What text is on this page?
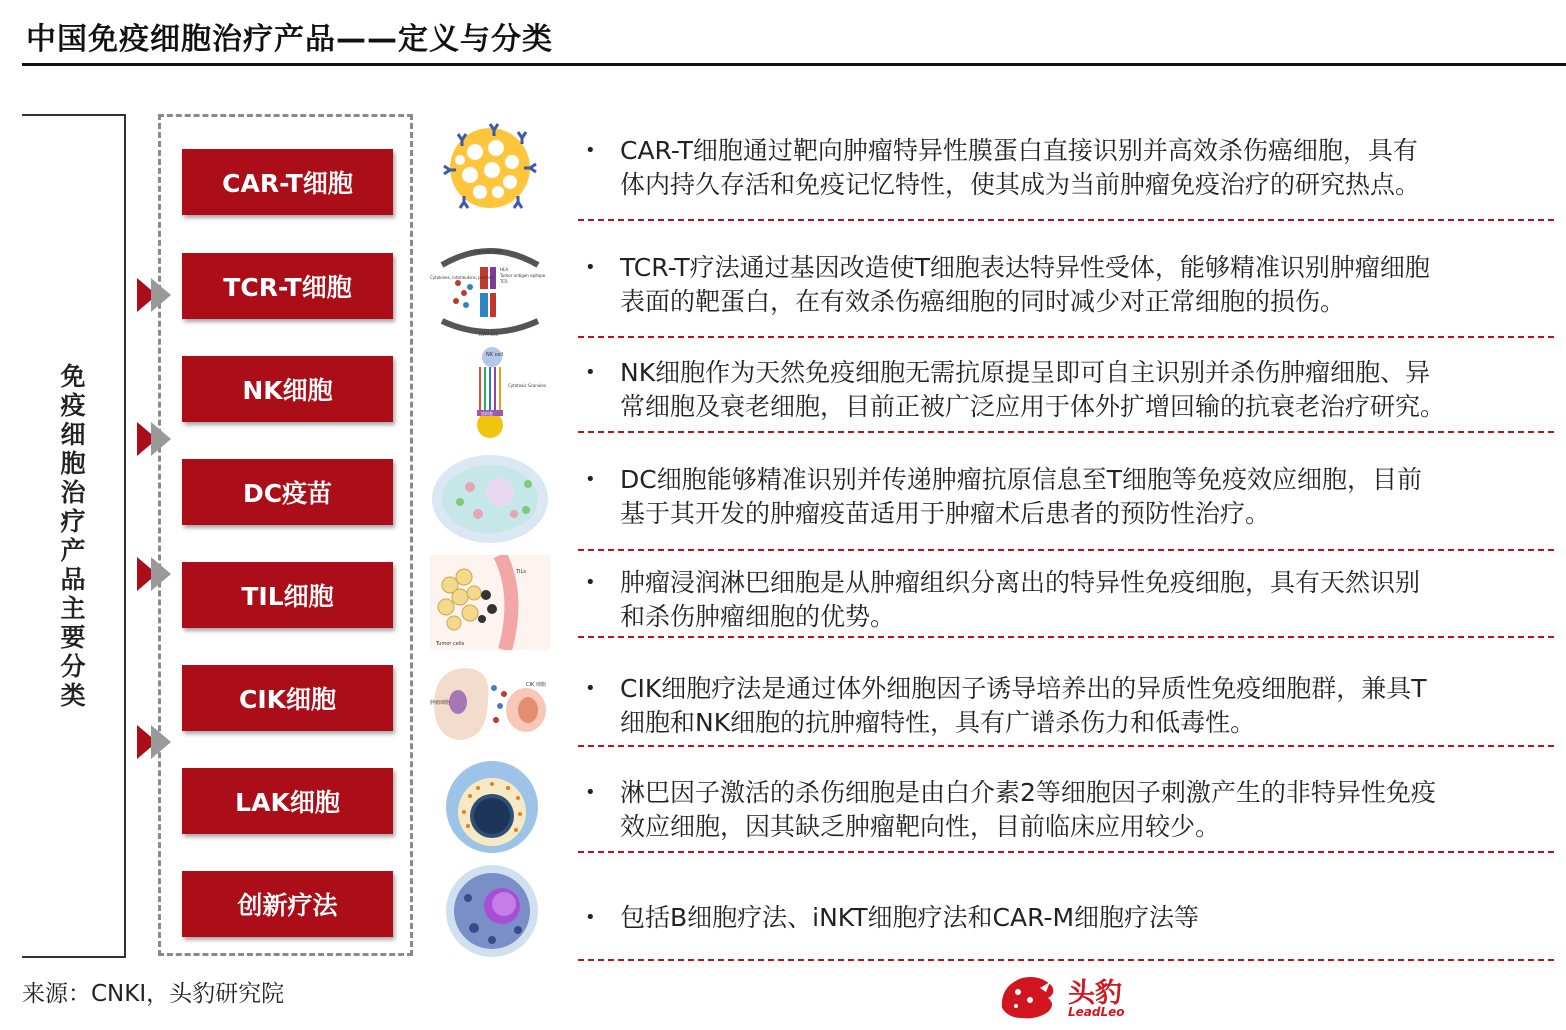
中国免疫细胞治疗产品——定义与分类
免疫细胞治疗产品主要分类
CAR-T细胞
TCR-T细胞
NK细胞
DC疫苗
TIL细胞
CIK细胞
LAK细胞
创新疗法
Cancer cell
Cytokines, interleukins, perforin
HLA
Tumor antigen epitope
TCR
TCR-T Cell
NK cell
Cytotoxic Granules
癌细胞
TILs
Tumor cells
肿瘤细胞
CIK 细胞
• CAR-T细胞通过靶向肿瘤特异性膜蛋白直接识别并高效杀伤癌细胞，具有
体内持久存活和免疫记忆特性，使其成为当前肿瘤免疫治疗的研究热点。
• TCR-T疗法通过基因改造使T细胞表达特异性受体，能够精准识别肿瘤细胞
表面的靶蛋白，在有效杀伤癌细胞的同时减少对正常细胞的损伤。
• NK细胞作为天然免疫细胞无需抗原提呈即可自主识别并杀伤肿瘤细胞、异
常细胞及衰老细胞，目前正被广泛应用于体外扩增回输的抗衰老治疗研究。
• DC细胞能够精准识别并传递肿瘤抗原信息至T细胞等免疫效应细胞，目前
基于其开发的肿瘤疫苗适用于肿瘤术后患者的预防性治疗。
• 肿瘤浸润淋巴细胞是从肿瘤组织分离出的特异性免疫细胞，具有天然识别
和杀伤肿瘤细胞的优势。
• CIK细胞疗法是通过体外细胞因子诱导培养出的异质性免疫细胞群，兼具T
细胞和NK细胞的抗肿瘤特性，具有广谱杀伤力和低毒性。
• 淋巴因子激活的杀伤细胞是由白介素2等细胞因子刺激产生的非特异性免疫
效应细胞，因其缺乏肿瘤靶向性，目前临床应用较少。
• 包括B细胞疗法、iNKT细胞疗法和CAR-M细胞疗法等
来源：CNKI，头豹研究院	头豹
LeadLeo
